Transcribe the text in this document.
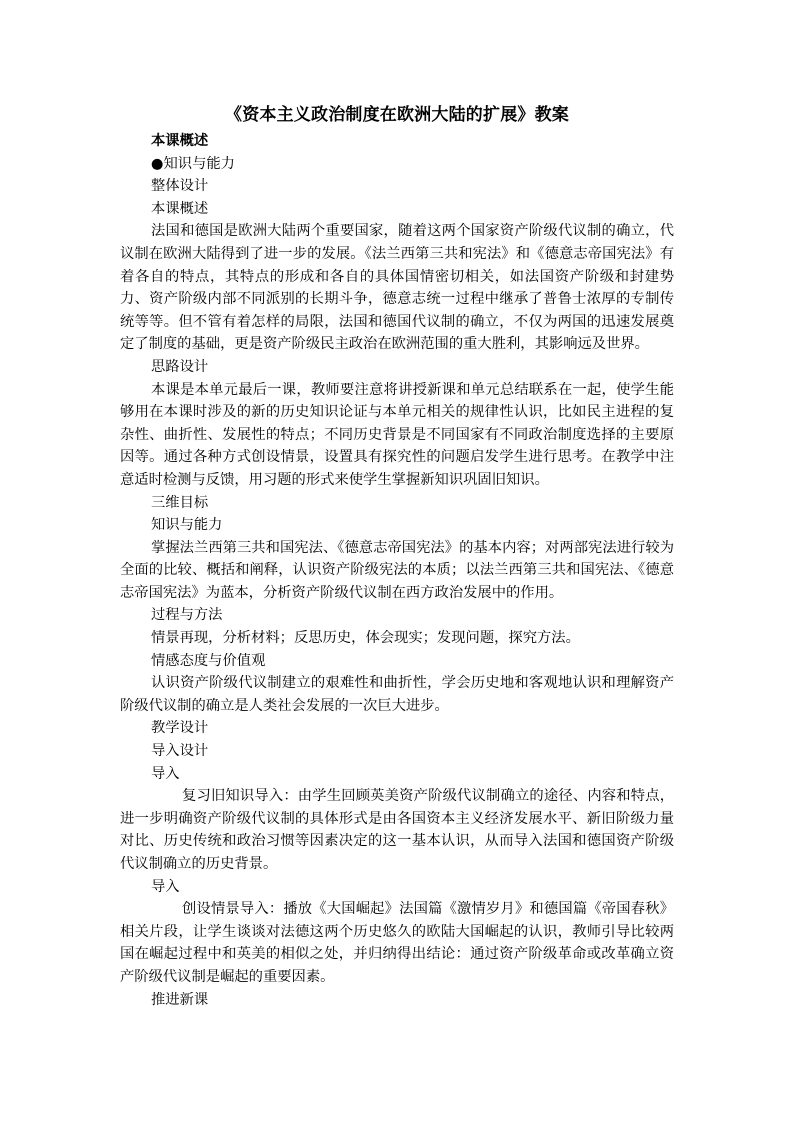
《资本主义政治制度在欧洲大陆的扩展》教案

本课概述

●知识与能力

整体设计

本课概述

法国和德国是欧洲大陆两个重要国家，随着这两个国家资产阶级代议制的确立，代议制在欧洲大陆得到了进一步的发展。《法兰西第三共和宪法》和《德意志帝国宪法》有着各自的特点，其特点的形成和各自的具体国情密切相关，如法国资产阶级和封建势力、资产阶级内部不同派别的长期斗争，德意志统一过程中继承了普鲁士浓厚的专制传统等等。但不管有着怎样的局限，法国和德国代议制的确立，不仅为两国的迅速发展奠定了制度的基础，更是资产阶级民主政治在欧洲范围的重大胜利，其影响远及世界。

思路设计

本课是本单元最后一课，教师要注意将讲授新课和单元总结联系在一起，使学生能够用在本课时涉及的新的历史知识论证与本单元相关的规律性认识，比如民主进程的复杂性、曲折性、发展性的特点；不同历史背景是不同国家有不同政治制度选择的主要原因等。通过各种方式创设情景，设置具有探究性的问题启发学生进行思考。在教学中注意适时检测与反馈，用习题的形式来使学生掌握新知识巩固旧知识。

三维目标

知识与能力

掌握法兰西第三共和国宪法、《德意志帝国宪法》的基本内容；对两部宪法进行较为全面的比较、概括和阐释，认识资产阶级宪法的本质；以法兰西第三共和国宪法、《德意志帝国宪法》为蓝本，分析资产阶级代议制在西方政治发展中的作用。

过程与方法

情景再现，分析材料；反思历史，体会现实；发现问题，探究方法。

情感态度与价值观

认识资产阶级代议制建立的艰难性和曲折性，学会历史地和客观地认识和理解资产阶级代议制的确立是人类社会发展的一次巨大进步。

教学设计

导入设计

导入

复习旧知识导入：由学生回顾英美资产阶级代议制确立的途径、内容和特点，进一步明确资产阶级代议制的具体形式是由各国资本主义经济发展水平、新旧阶级力量对比、历史传统和政治习惯等因素决定的这一基本认识，从而导入法国和德国资产阶级代议制确立的历史背景。

导入

创设情景导入：播放《大国崛起》法国篇《激情岁月》和德国篇《帝国春秋》相关片段，让学生谈谈对法德这两个历史悠久的欧陆大国崛起的认识，教师引导比较两国在崛起过程中和英美的相似之处，并归纳得出结论：通过资产阶级革命或改革确立资产阶级代议制是崛起的重要因素。

推进新课
